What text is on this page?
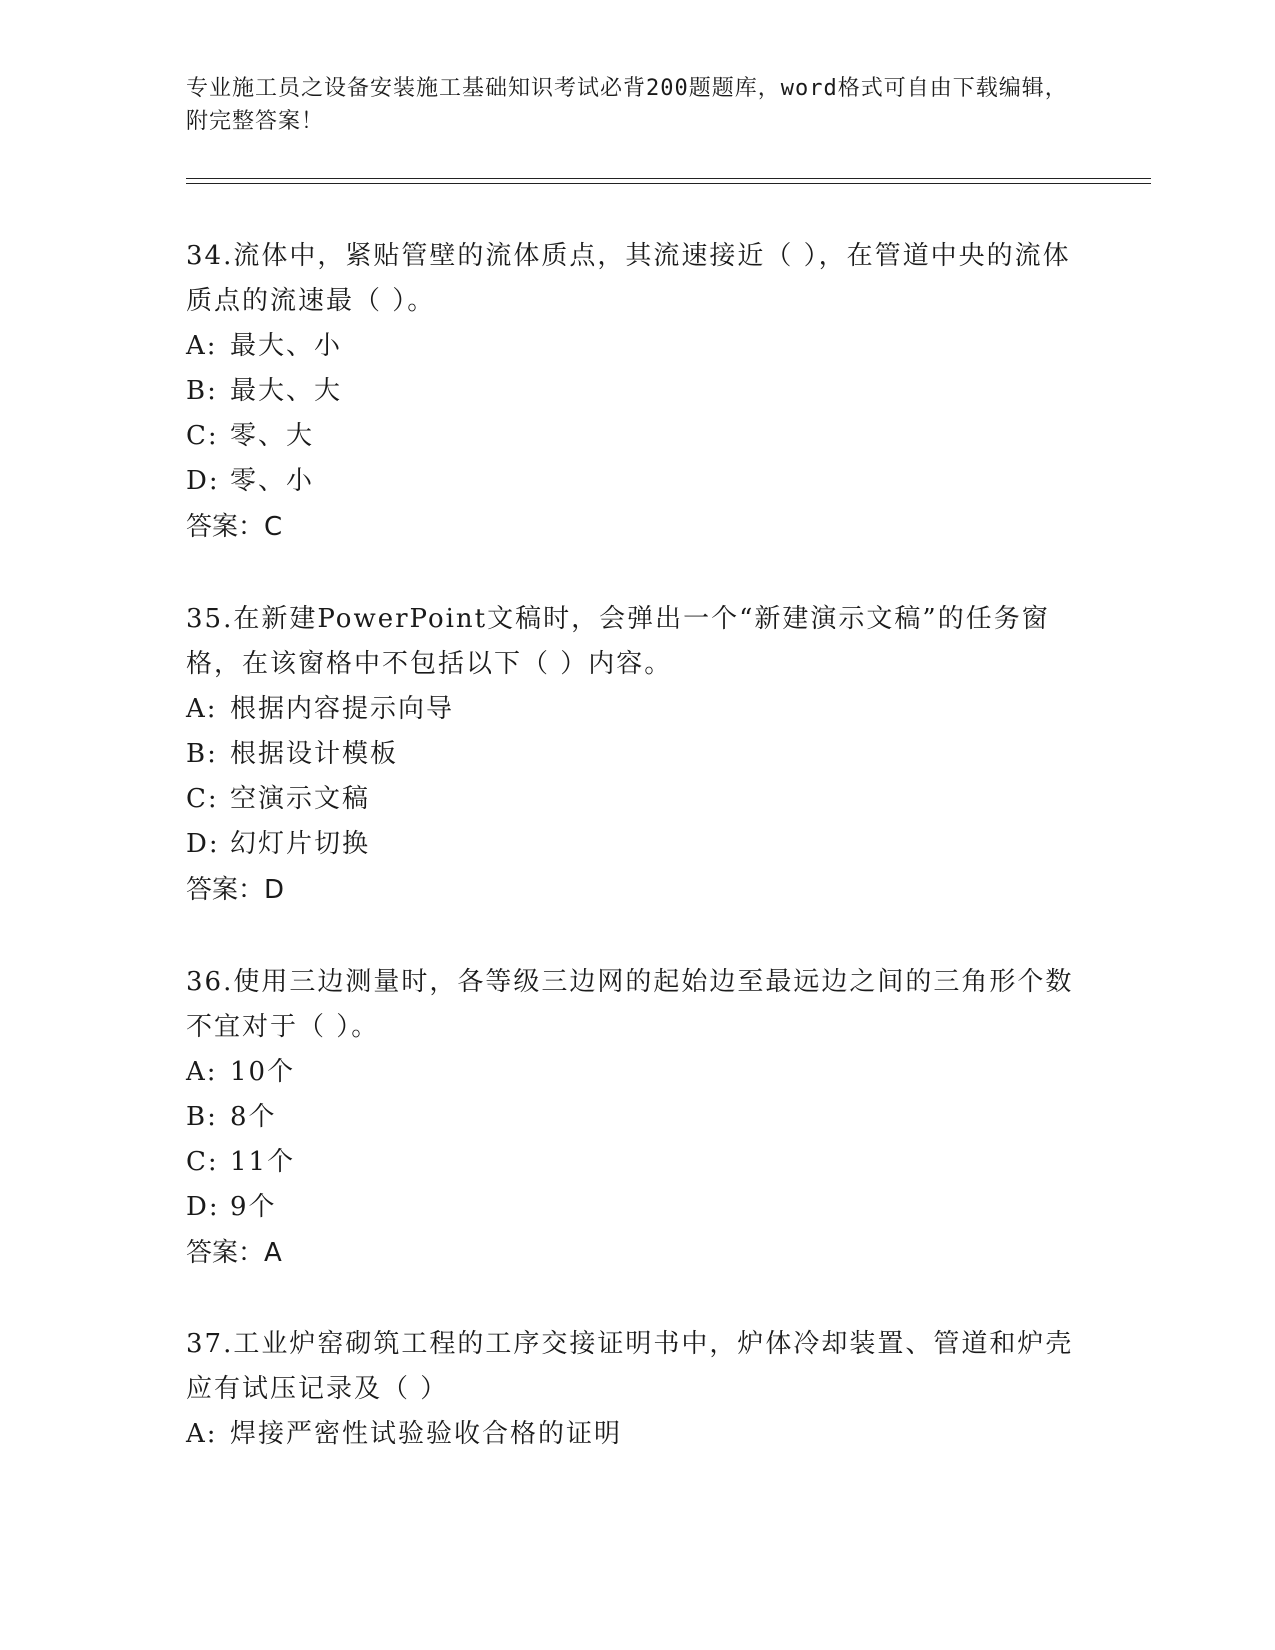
专业施工员之设备安装施工基础知识考试必背200题题库，word格式可自由下载编辑，附完整答案！

34.流体中，紧贴管壁的流体质点，其流速接近（ ），在管道中央的流体质点的流速最（ ）。

A: 最大、小

B: 最大、大

C: 零、大

D: 零、小

答案：C

35.在新建PowerPoint文稿时，会弹出一个“新建演示文稿”的任务窗格，在该窗格中不包括以下（ ）内容。

A: 根据内容提示向导

B: 根据设计模板

C: 空演示文稿

D: 幻灯片切换

答案：D

36.使用三边测量时，各等级三边网的起始边至最远边之间的三角形个数不宜对于（ ）。

A: 10个

B: 8个

C: 11个

D: 9个

答案：A

37.工业炉窑砌筑工程的工序交接证明书中，炉体冷却装置、管道和炉壳应有试压记录及（ ）

A: 焊接严密性试验验收合格的证明
